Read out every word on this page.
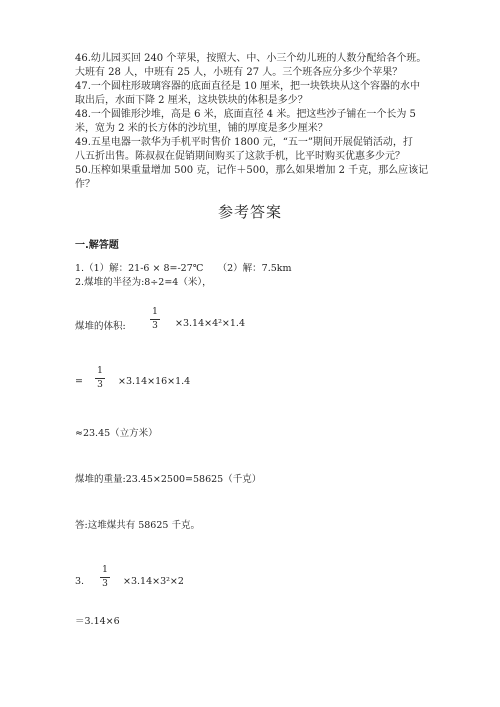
46.幼儿园买回 240 个苹果，按照大、中、小三个幼儿班的人数分配给各个班。
大班有 28 人，中班有 25 人，小班有 27 人。三个班各应分多少个苹果？
47.一个圆柱形玻璃容器的底面直径是 10 厘米，把一块铁块从这个容器的水中
取出后，水面下降 2 厘米，这块铁块的体积是多少？
48.一个圆锥形沙堆，高是 6 米，底面直径 4 米。把这些沙子铺在一个长为 5
米，宽为 2 米的长方体的沙坑里，铺的厚度是多少厘米？
49.五星电器一款华为手机平时售价 1800 元，“五一”期间开展促销活动，打
八五折出售。陈叔叔在促销期间购买了这款手机，比平时购买优惠多少元？
50.压榨如果重量增加 500 克，记作＋500，那么如果增加 2 千克，那么应该记
作？
参考答案
一.解答题
1.（1）解：21-6 × 8=-27℃　　（2）解：7.5km
2.煤堆的半径为:8÷2=4（米），
煤堆的体积:
1
3 ×3.14×4²×1.4
=
1
3 ×3.14×16×1.4
≈23.45（立方米）
煤堆的重量:23.45×2500=58625（千克）
答:这堆煤共有 58625 千克。
3.
1
3 ×3.14×3²×2
＝3.14×6
